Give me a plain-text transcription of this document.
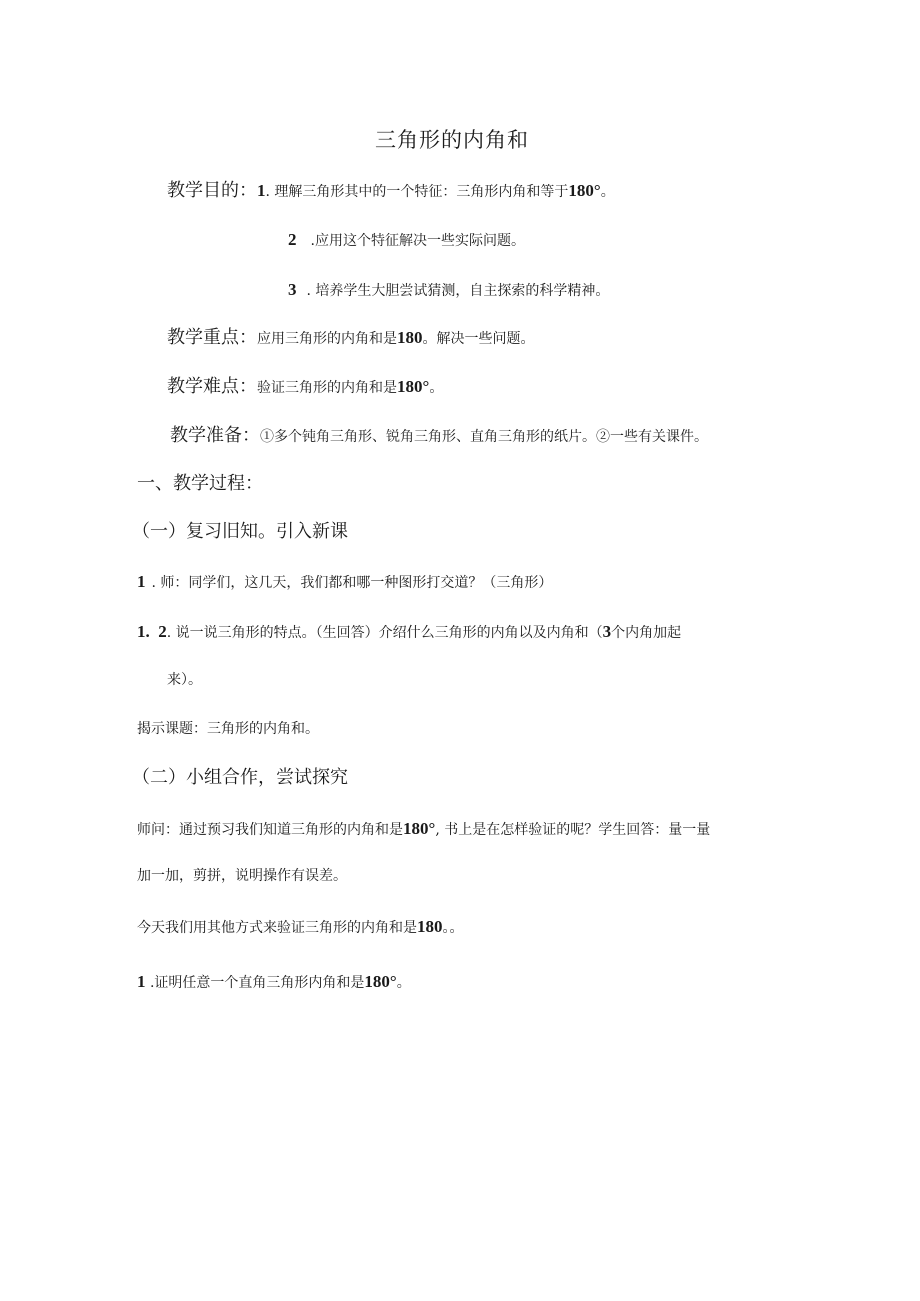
三角形的内角和
教学目的：1. 理解三角形其中的一个特征：三角形内角和等于180°。
2 .应用这个特征解决一些实际问题。
3 . 培养学生大胆尝试猜测，自主探索的科学精神。
教学重点：应用三角形的内角和是180。解决一些问题。
教学难点：验证三角形的内角和是180°。
教学准备：①多个钝角三角形、锐角三角形、直角三角形的纸片。②一些有关课件。
一、教学过程：
（一）复习旧知。引入新课
1 . 师：同学们，这几天，我们都和哪一种图形打交道？（三角形）
1.  2. 说一说三角形的特点。（生回答）介绍什么三角形的内角以及内角和（3个内角加起
来）。
揭示课题：三角形的内角和。
（二）小组合作，尝试探究
师问：通过预习我们知道三角形的内角和是180°, 书上是在怎样验证的呢？学生回答：量一量
加一加，剪拼，说明操作有误差。
今天我们用其他方式来验证三角形的内角和是180。。
1 .证明任意一个直角三角形内角和是180°。
